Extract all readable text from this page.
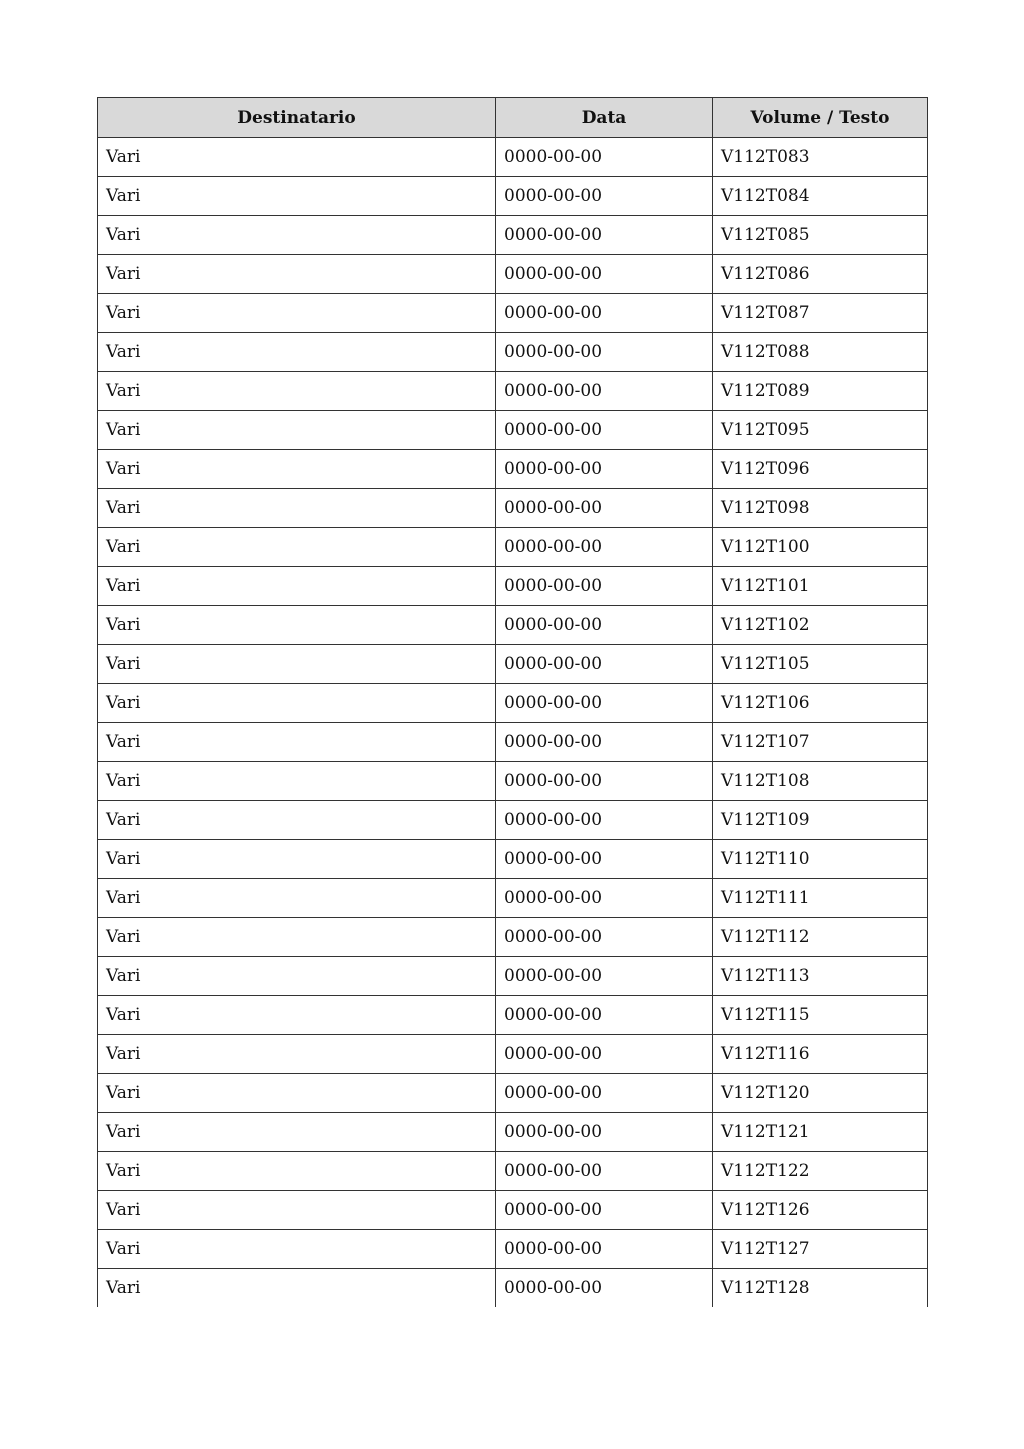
Destinatario	Data	Volume / Testo
Vari	0000-00-00	V112T083
Vari	0000-00-00	V112T084
Vari	0000-00-00	V112T085
Vari	0000-00-00	V112T086
Vari	0000-00-00	V112T087
Vari	0000-00-00	V112T088
Vari	0000-00-00	V112T089
Vari	0000-00-00	V112T095
Vari	0000-00-00	V112T096
Vari	0000-00-00	V112T098
Vari	0000-00-00	V112T100
Vari	0000-00-00	V112T101
Vari	0000-00-00	V112T102
Vari	0000-00-00	V112T105
Vari	0000-00-00	V112T106
Vari	0000-00-00	V112T107
Vari	0000-00-00	V112T108
Vari	0000-00-00	V112T109
Vari	0000-00-00	V112T110
Vari	0000-00-00	V112T111
Vari	0000-00-00	V112T112
Vari	0000-00-00	V112T113
Vari	0000-00-00	V112T115
Vari	0000-00-00	V112T116
Vari	0000-00-00	V112T120
Vari	0000-00-00	V112T121
Vari	0000-00-00	V112T122
Vari	0000-00-00	V112T126
Vari	0000-00-00	V112T127
Vari	0000-00-00	V112T128
